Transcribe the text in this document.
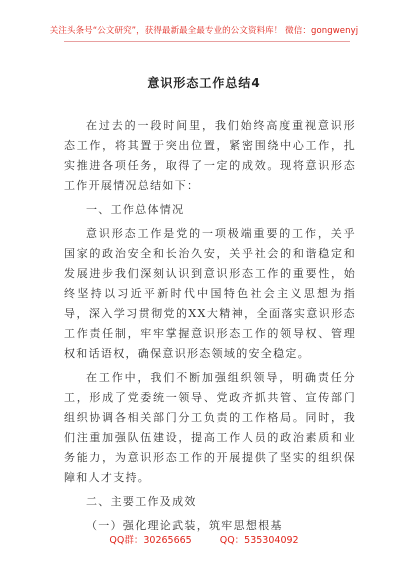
关注头条号“公文研究”，获得最新最全最专业的公文资料库！ 微信：gongwenyj
意识形态工作总结4

在过去的一段时间里，我们始终高度重视意识形态工作，将其置于突出位置，紧密围绕中心工作，扎实推进各项任务，取得了一定的成效。现将意识形态工作开展情况总结如下：

一、工作总体情况

意识形态工作是党的一项极端重要的工作，关乎国家的政治安全和长治久安，关乎社会的和谐稳定和发展进步我们深刻认识到意识形态工作的重要性，始终坚持以习近平新时代中国特色社会主义思想为指导，深入学习贯彻党的XX大精神，全面落实意识形态工作责任制，牢牢掌握意识形态工作的领导权、管理权和话语权，确保意识形态领域的安全稳定。

在工作中，我们不断加强组织领导，明确责任分工，形成了党委统一领导、党政齐抓共管、宣传部门组织协调各相关部门分工负责的工作格局。同时，我们注重加强队伍建设，提高工作人员的政治素质和业务能力，为意识形态工作的开展提供了坚实的组织保障和人才支持。

二、主要工作及成效

（一）强化理论武装，筑牢思想根基

QQ群：30265665	QQ：535304092
